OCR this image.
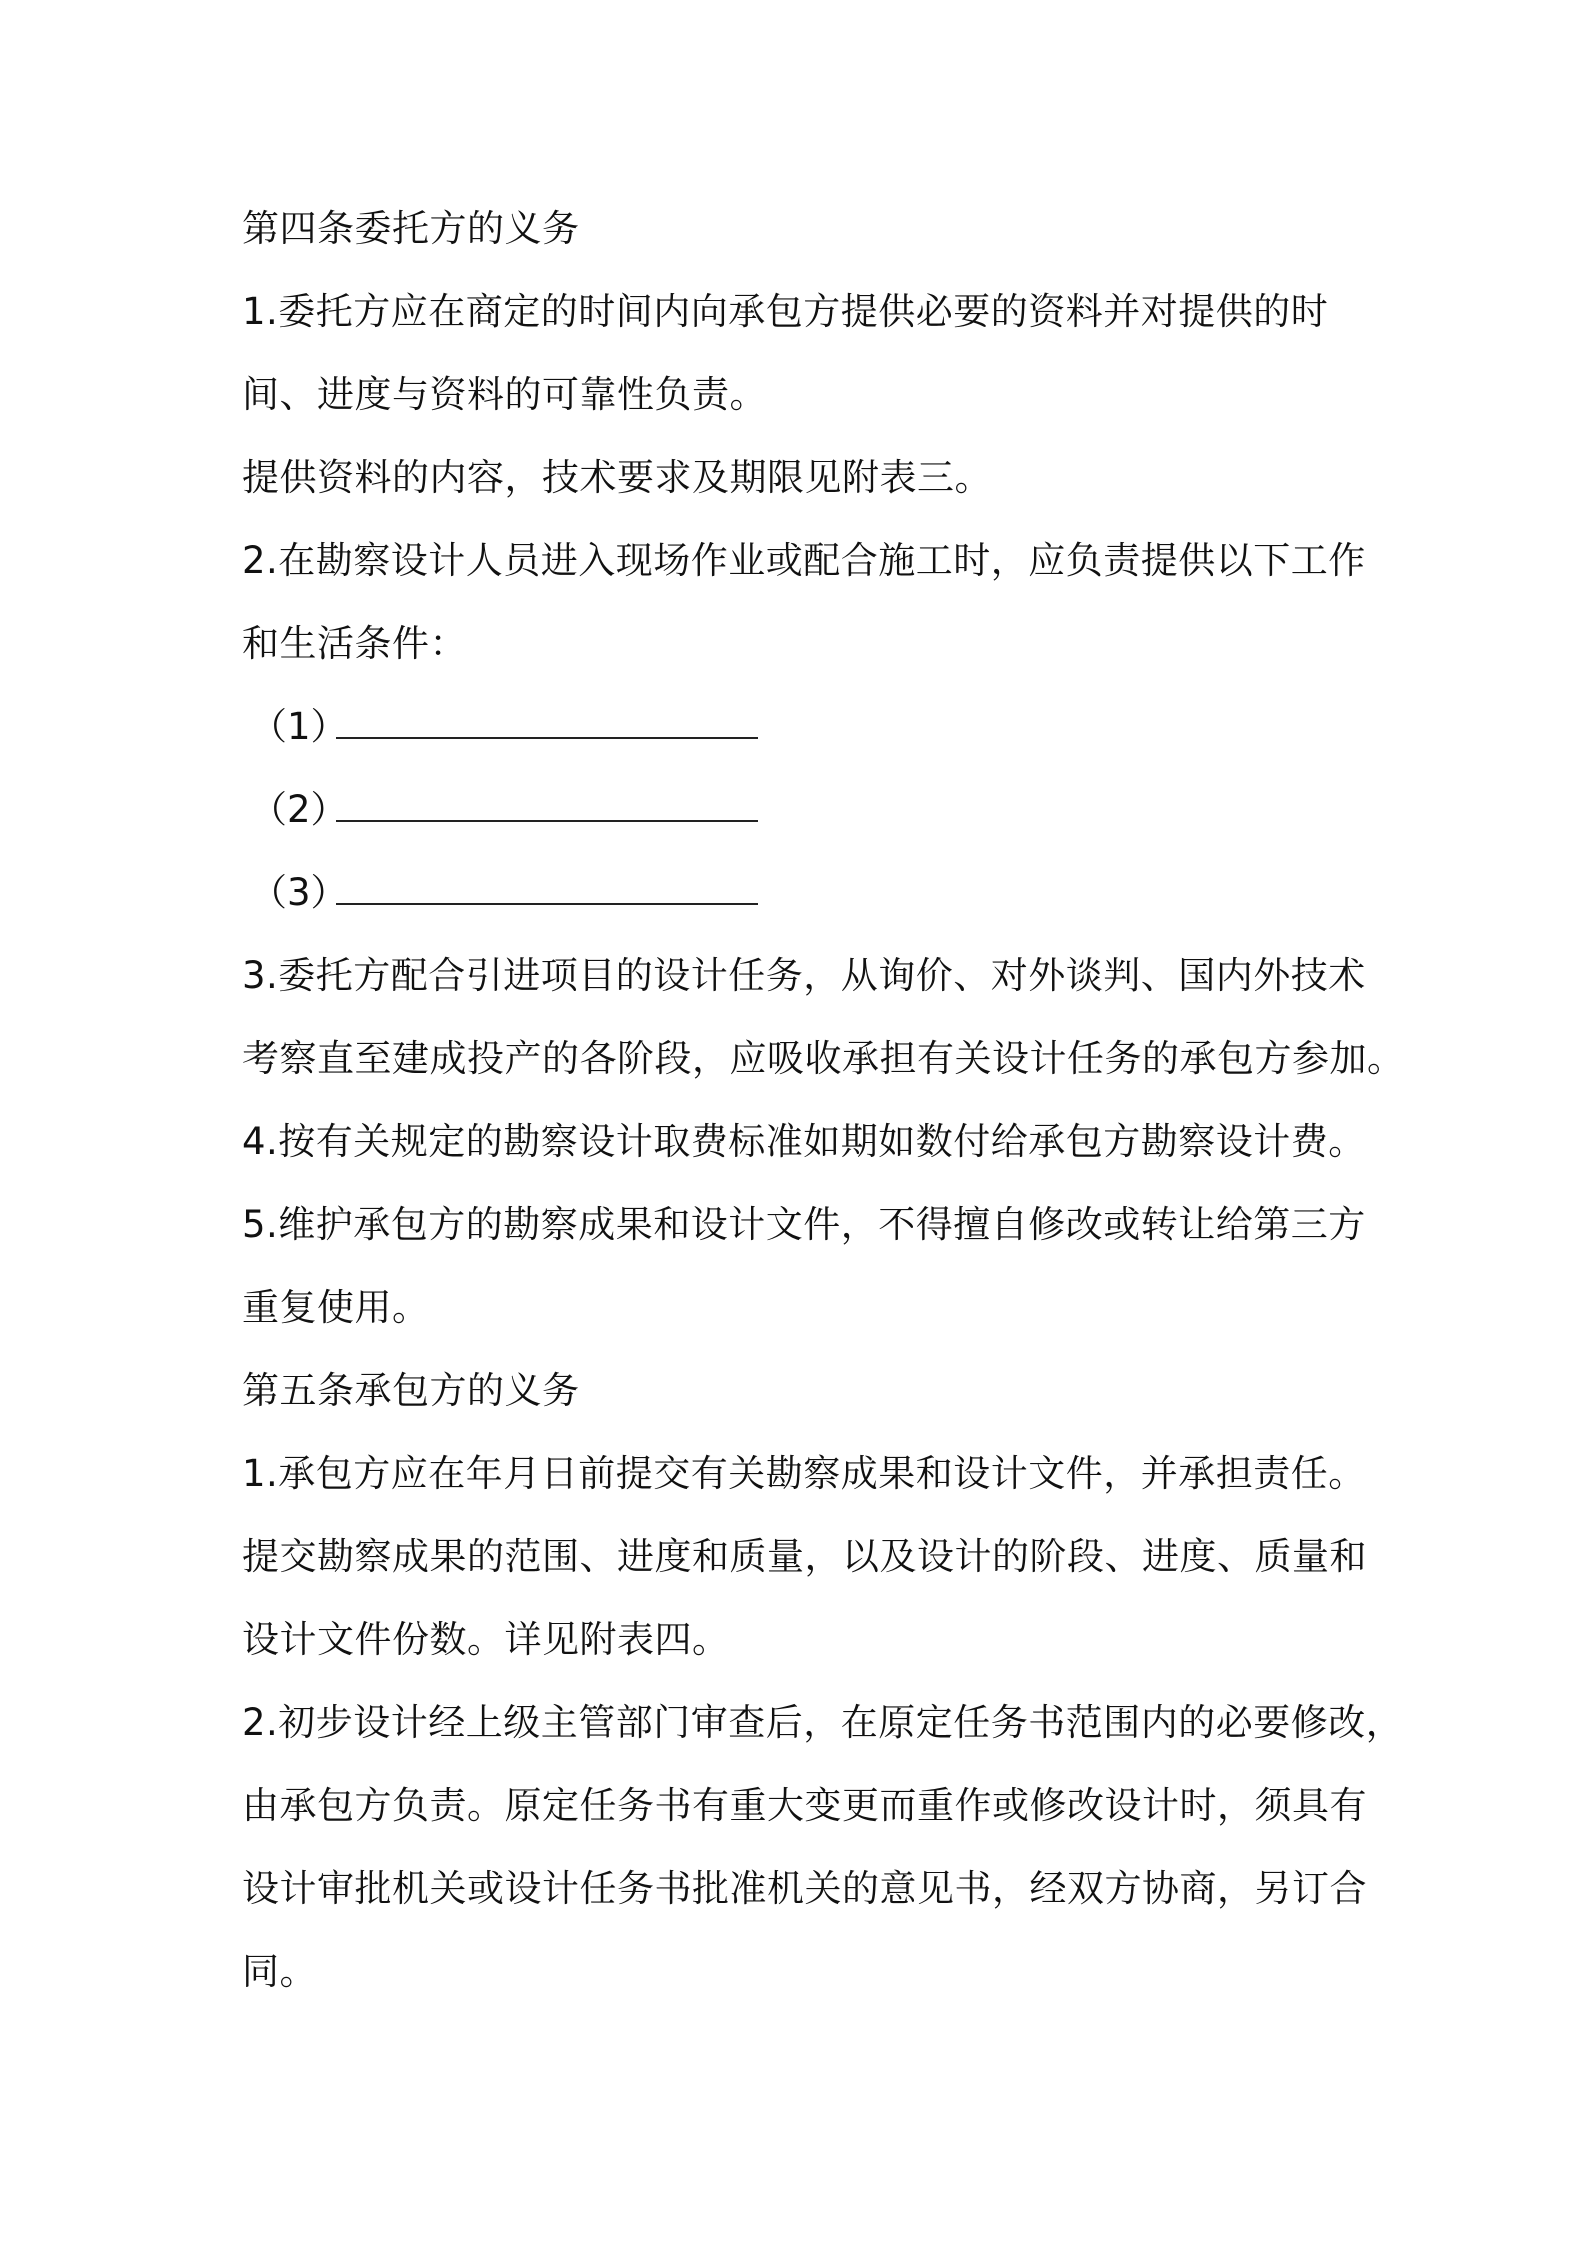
第四条委托方的义务
1.委托方应在商定的时间内向承包方提供必要的资料并对提供的时
间、进度与资料的可靠性负责。
提供资料的内容，技术要求及期限见附表三。
2.在勘察设计人员进入现场作业或配合施工时，应负责提供以下工作
和生活条件：
（1）
（2）
（3）
3.委托方配合引进项目的设计任务，从询价、对外谈判、国内外技术
考察直至建成投产的各阶段，应吸收承担有关设计任务的承包方参加。
4.按有关规定的勘察设计取费标准如期如数付给承包方勘察设计费。
5.维护承包方的勘察成果和设计文件，不得擅自修改或转让给第三方
重复使用。
第五条承包方的义务
1.承包方应在年月日前提交有关勘察成果和设计文件，并承担责任。
提交勘察成果的范围、进度和质量，以及设计的阶段、进度、质量和
设计文件份数。详见附表四。
2.初步设计经上级主管部门审查后，在原定任务书范围内的必要修改，
由承包方负责。原定任务书有重大变更而重作或修改设计时，须具有
设计审批机关或设计任务书批准机关的意见书，经双方协商，另订合
同。
